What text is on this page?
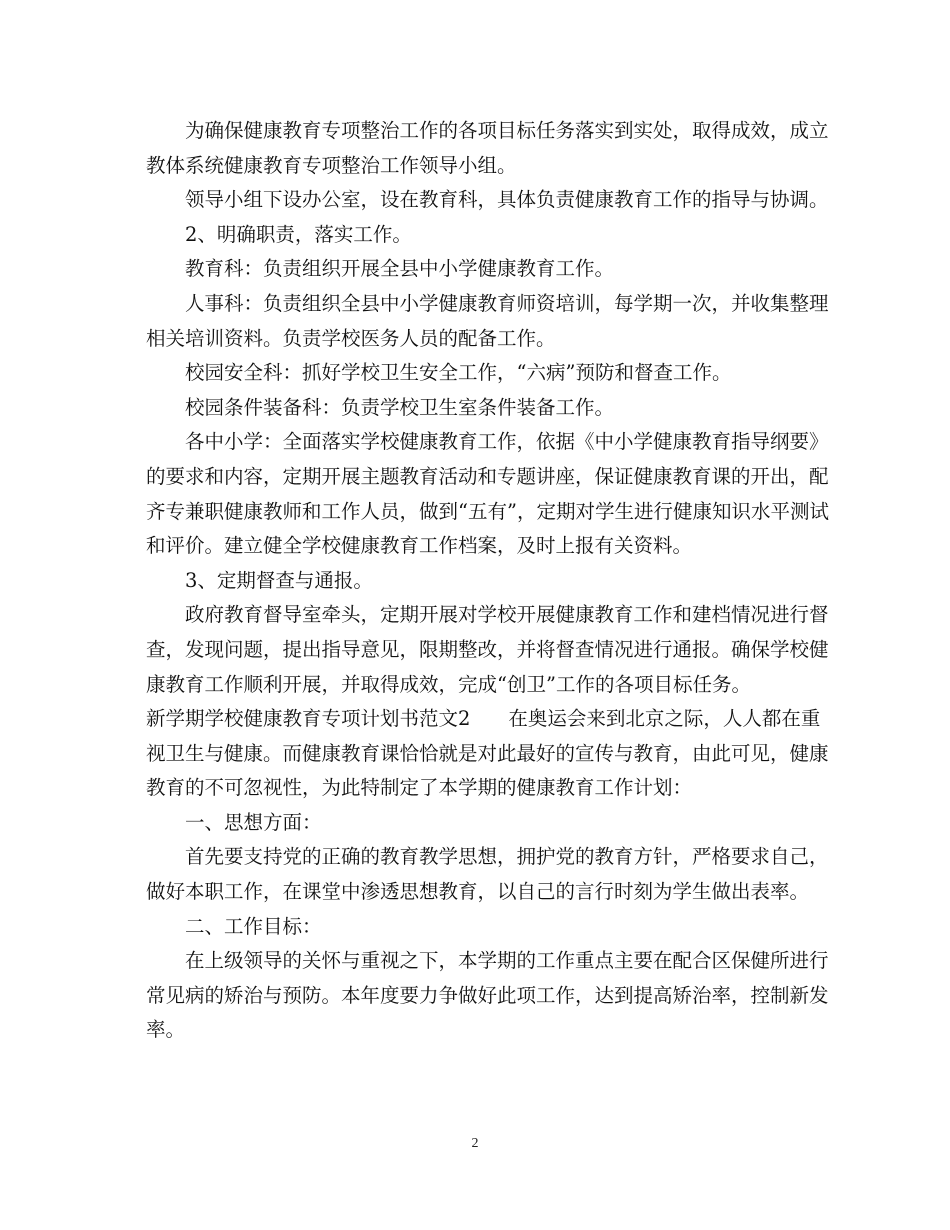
为确保健康教育专项整治工作的各项目标任务落实到实处，取得成效，成立

教体系统健康教育专项整治工作领导小组。

领导小组下设办公室，设在教育科，具体负责健康教育工作的指导与协调。

2、明确职责，落实工作。

教育科：负责组织开展全县中小学健康教育工作。

人事科：负责组织全县中小学健康教育师资培训，每学期一次，并收集整理

相关培训资料。负责学校医务人员的配备工作。

校园安全科：抓好学校卫生安全工作，“六病”预防和督查工作。

校园条件装备科：负责学校卫生室条件装备工作。

各中小学：全面落实学校健康教育工作，依据《中小学健康教育指导纲要》

的要求和内容，定期开展主题教育活动和专题讲座，保证健康教育课的开出，配

齐专兼职健康教师和工作人员，做到“五有”，定期对学生进行健康知识水平测试

和评价。建立健全学校健康教育工作档案，及时上报有关资料。

3、定期督查与通报。

政府教育督导室牵头，定期开展对学校开展健康教育工作和建档情况进行督

查，发现问题，提出指导意见，限期整改，并将督查情况进行通报。确保学校健

康教育工作顺利开展，并取得成效，完成“创卫”工作的各项目标任务。

新学期学校健康教育专项计划书范文2 在奥运会来到北京之际，人人都在重

视卫生与健康。而健康教育课恰恰就是对此最好的宣传与教育，由此可见，健康

教育的不可忽视性，为此特制定了本学期的健康教育工作计划：

一、思想方面：

首先要支持党的正确的教育教学思想，拥护党的教育方针，严格要求自己，

做好本职工作，在课堂中渗透思想教育，以自己的言行时刻为学生做出表率。

二、工作目标：

在上级领导的关怀与重视之下，本学期的工作重点主要在配合区保健所进行

常见病的矫治与预防。本年度要力争做好此项工作，达到提高矫治率，控制新发

率。

2
